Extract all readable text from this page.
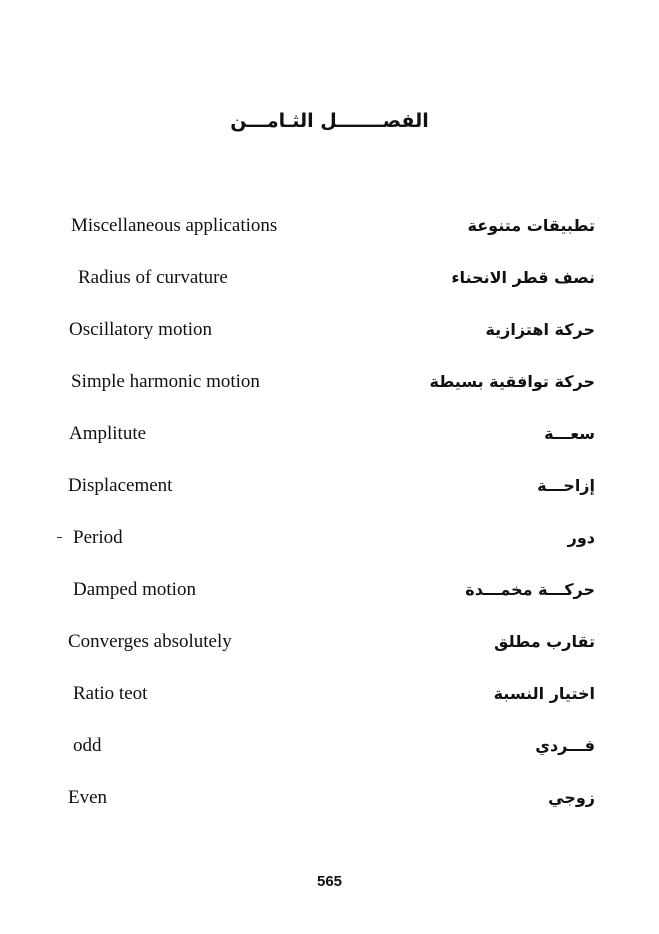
الفصـــــــل الثـامـــن
Miscellaneous applications	تطبيقات متنوعة
Radius of curvature	نصف قطر الانحناء
Oscillatory motion	حركة اهتزازية
Simple harmonic motion	حركة توافقية بسيطة
Amplitute	سعـــة
Displacement	إزاحـــة
Period	دور
Damped motion	حركـــة مخمـــدة
Converges absolutely	تقارب مطلق
Ratio teot	اختيار النسبة
odd	فـــردي
Even	زوجي
565
